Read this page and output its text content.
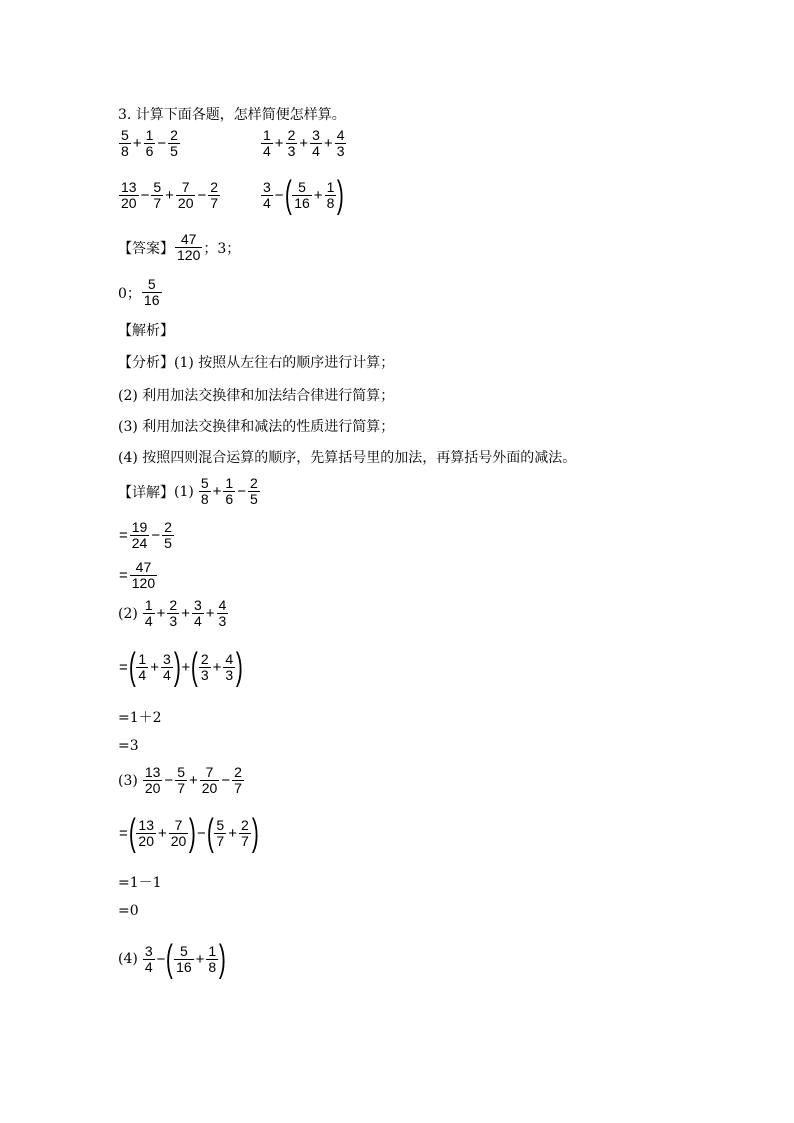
3. 计算下面各题，怎样简便怎样算。
$\frac{5}{8} + \frac{1}{6} - \frac{2}{5}$	$\frac{1}{4} + \frac{2}{3} + \frac{3}{4} + \frac{4}{3}$
$\frac{13}{20} - \frac{5}{7} + \frac{7}{20} - \frac{2}{7}$	$\frac{3}{4}$ − ( $\frac{5}{16} + \frac{1}{8}$ )
【答案】 $\frac{47}{120}$ ；3；
0； $\frac{5}{16}$
【解析】
【分析】 (1) 按照从左往右的顺序进行计算；
(2) 利用加法交换律和加法结合律进行简算；
(3) 利用加法交换律和减法的性质进行简算；
(4) 按照四则混合运算的顺序，先算括号里的加法，再算括号外面的减法。
【详解】 $(1) \frac{5}{8} + \frac{1}{6} - \frac{2}{5}$
= $\frac{19}{24} - \frac{2}{5}$
= $\frac{47}{120}$
$(2) \frac{1}{4} + \frac{2}{3} + \frac{3}{4} + \frac{4}{3}$
= ( $\frac{1}{4} + \frac{3}{4}$ ) + ( $\frac{2}{3} + \frac{4}{3}$ )
=1＋2
=3
$(3) \frac{13}{20} - \frac{5}{7} + \frac{7}{20} - \frac{2}{7}$
= ( $\frac{13}{20} + \frac{7}{20}$ ) − ( $\frac{5}{7} + \frac{2}{7}$ )
=1－1
=0
$(4) \frac{3}{4}$ − ( $\frac{5}{16} + \frac{1}{8}$ )
